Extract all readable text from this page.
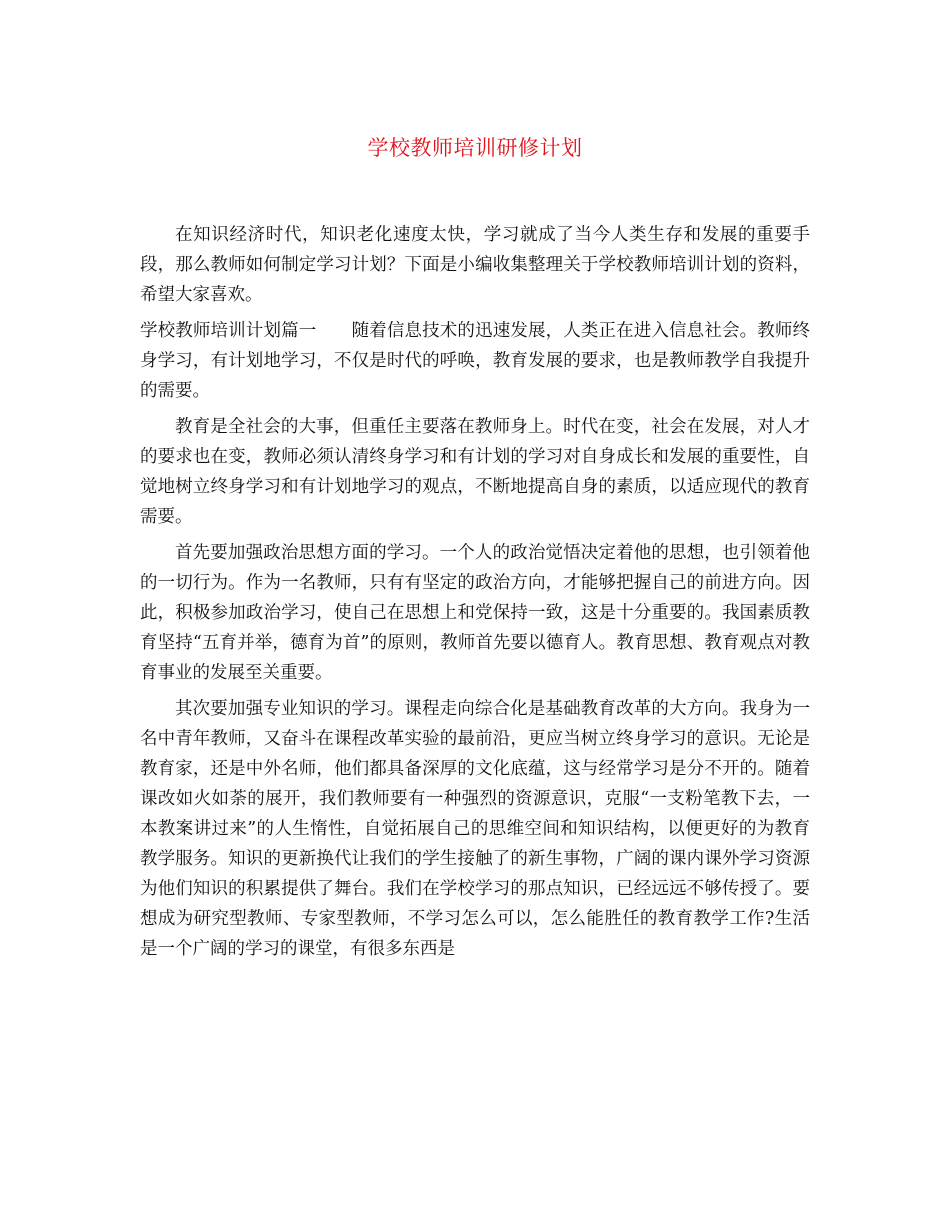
学校教师培训研修计划

在知识经济时代，知识老化速度太快，学习就成了当今人类生存和发展的重要手段，那么教师如何制定学习计划？下面是小编收集整理关于学校教师培训计划的资料，希望大家喜欢。

学校教师培训计划篇一　　随着信息技术的迅速发展，人类正在进入信息社会。教师终身学习，有计划地学习，不仅是时代的呼唤，教育发展的要求，也是教师教学自我提升的需要。

教育是全社会的大事，但重任主要落在教师身上。时代在变，社会在发展，对人才的要求也在变，教师必须认清终身学习和有计划的学习对自身成长和发展的重要性，自觉地树立终身学习和有计划地学习的观点，不断地提高自身的素质，以适应现代的教育需要。

首先要加强政治思想方面的学习。一个人的政治觉悟决定着他的思想，也引领着他的一切行为。作为一名教师，只有有坚定的政治方向，才能够把握自己的前进方向。因此，积极参加政治学习，使自己在思想上和党保持一致，这是十分重要的。我国素质教育坚持“五育并举，德育为首”的原则，教师首先要以德育人。教育思想、教育观点对教育事业的发展至关重要。

其次要加强专业知识的学习。课程走向综合化是基础教育改革的大方向。我身为一名中青年教师，又奋斗在课程改革实验的最前沿，更应当树立终身学习的意识。无论是教育家，还是中外名师，他们都具备深厚的文化底蕴，这与经常学习是分不开的。随着课改如火如荼的展开，我们教师要有一种强烈的资源意识，克服“一支粉笔教下去，一本教案讲过来”的人生惰性，自觉拓展自己的思维空间和知识结构，以便更好的为教育教学服务。知识的更新换代让我们的学生接触了的新生事物，广阔的课内课外学习资源为他们知识的积累提供了舞台。我们在学校学习的那点知识，已经远远不够传授了。要想成为研究型教师、专家型教师，不学习怎么可以，怎么能胜任的教育教学工作?生活是一个广阔的学习的课堂，有很多东西是
